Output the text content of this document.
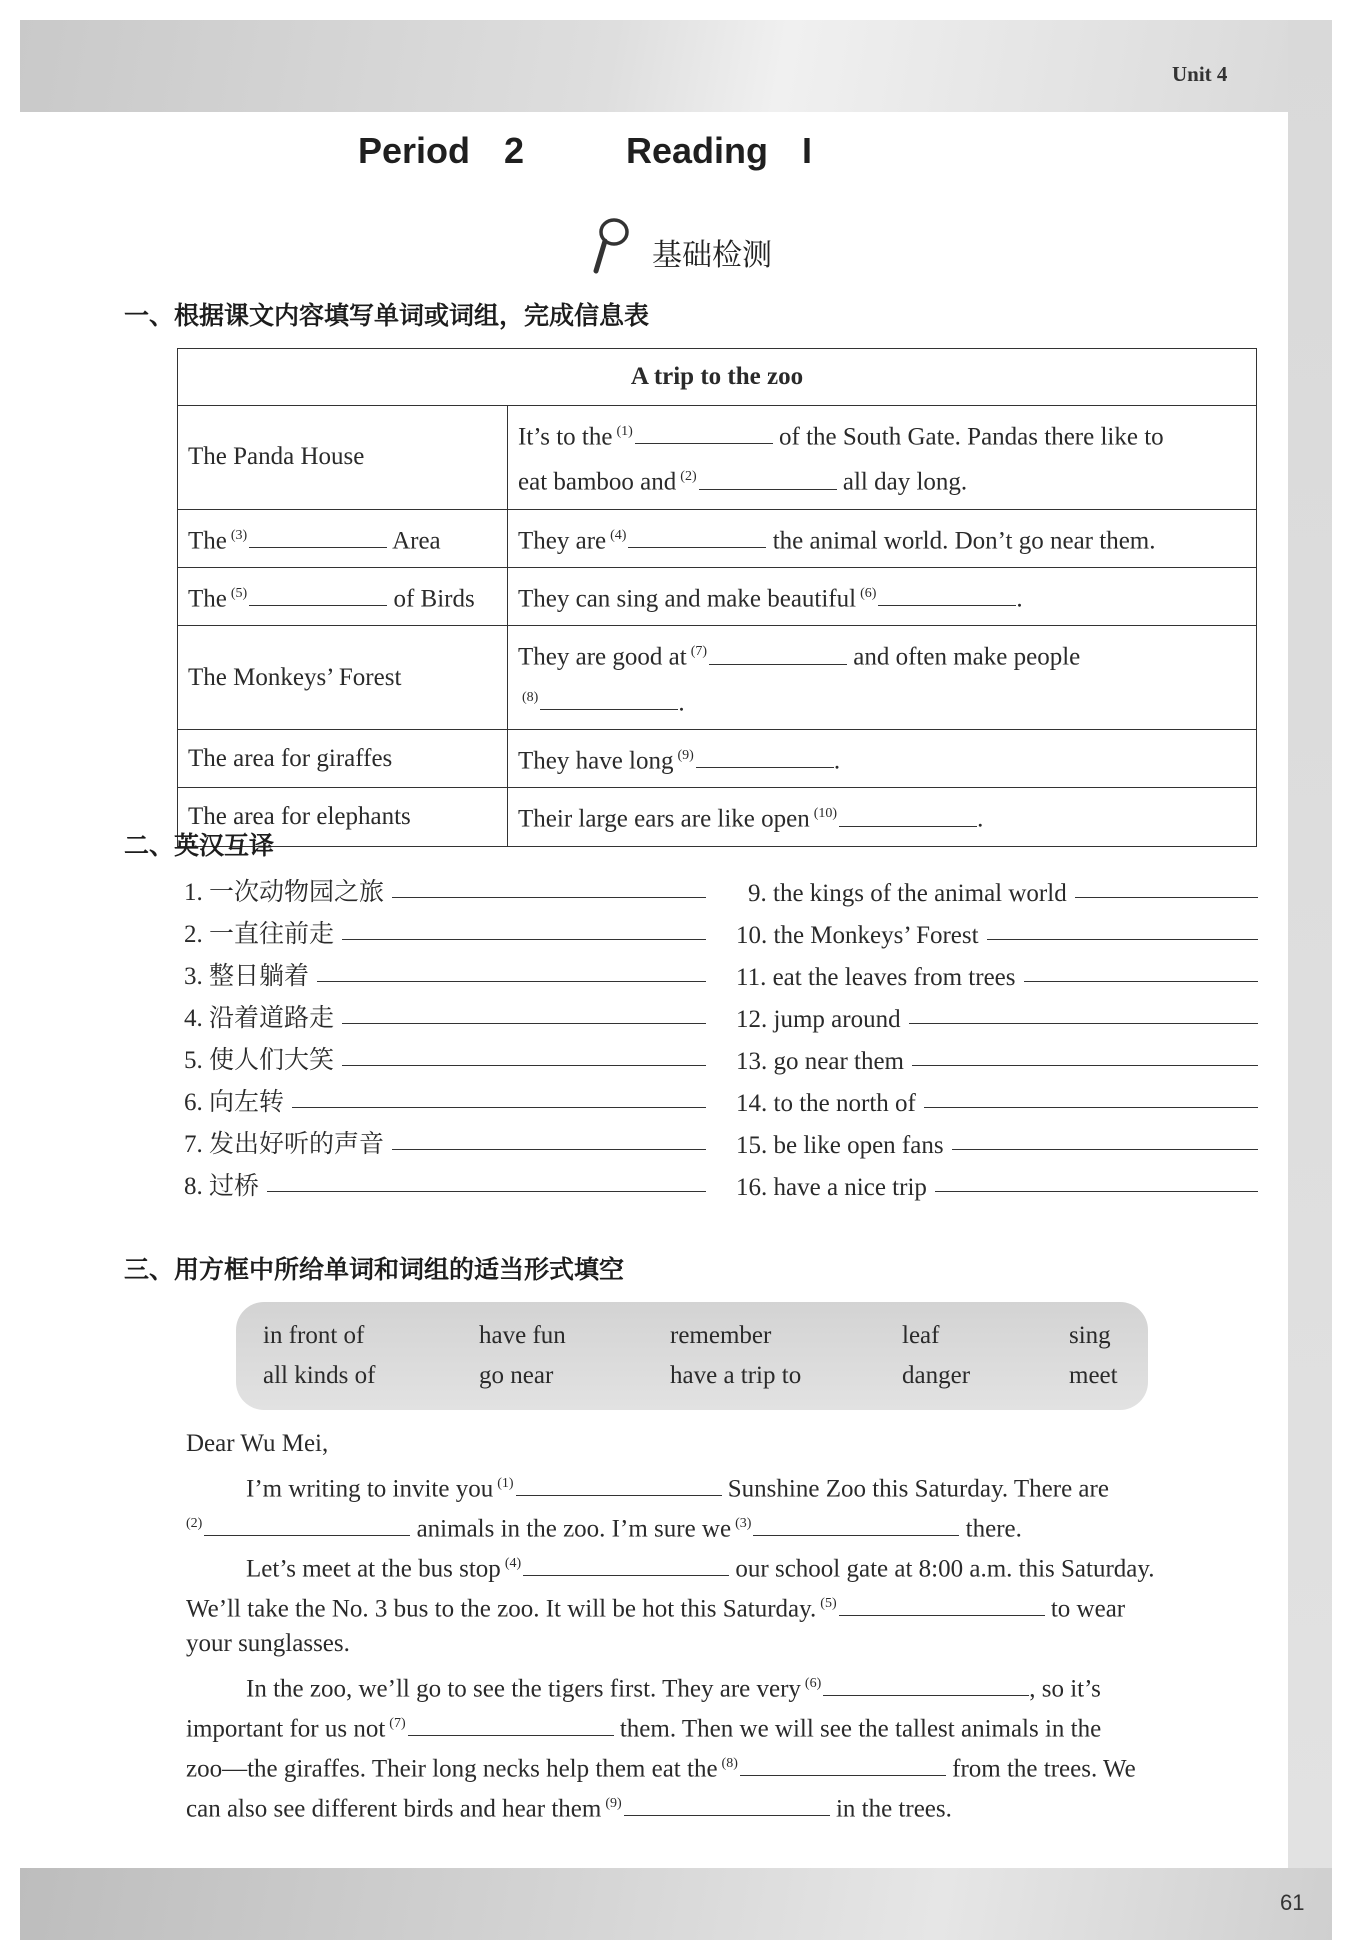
Unit 4
61
Period 2   Reading I
基础检测
一、根据课文内容填写单词或词组，完成信息表
A trip to the zoo	
The Panda House	It’s to the $^{(1)}$ of the South Gate. Pandas there like to
eat bamboo and $^{(2)}$ all day long.
The $^{(3)}$ Area	They are $^{(4)}$ the animal world. Don’t go near them.
The $^{(5)}$ of Birds	They can sing and make beautiful $^{(6)}$ .
The Monkeys’ Forest	They are good at $^{(7)}$ and often make people
$^{(8)}$ .
The area for giraffes	They have long $^{(9)}$ .
The area for elephants	Their large ears are like open $^{(10)}$ .
二、英汉互译
1. 一次动物园之旅
2. 一直往前走
3. 整日躺着
4. 沿着道路走
5. 使人们大笑
6. 向左转
7. 发出好听的声音
8. 过桥
9. the kings of the animal world
10. the Monkeys’ Forest
11. eat the leaves from trees
12. jump around
13. go near them
14. to the north of
15. be like open fans
16. have a nice trip
三、用方框中所给单词和词组的适当形式填空
in front of	have fun	remember	leaf	sing
all kinds of	go near	have a trip to	danger	meet
Dear Wu Mei,
I’m writing to invite you $^{(1)}$	Sunshine Zoo this Saturday. There are
$^{(2)}$	animals in the zoo. I’m sure we $^{(3)}$	there.
Let’s meet at the bus stop $^{(4)}$	our school gate at 8:00 a.m. this Saturday.
We’ll take the No. 3 bus to the zoo. It will be hot this Saturday. $^{(5)}$	to wear
your sunglasses.
In the zoo, we’ll go to see the tigers first. They are very $^{(6)}$	, so it’s
important for us not $^{(7)}$	them. Then we will see the tallest animals in the
zoo—the giraffes. Their long necks help them eat the $^{(8)}$	from the trees. We
can also see different birds and hear them $^{(9)}$	in the trees.
